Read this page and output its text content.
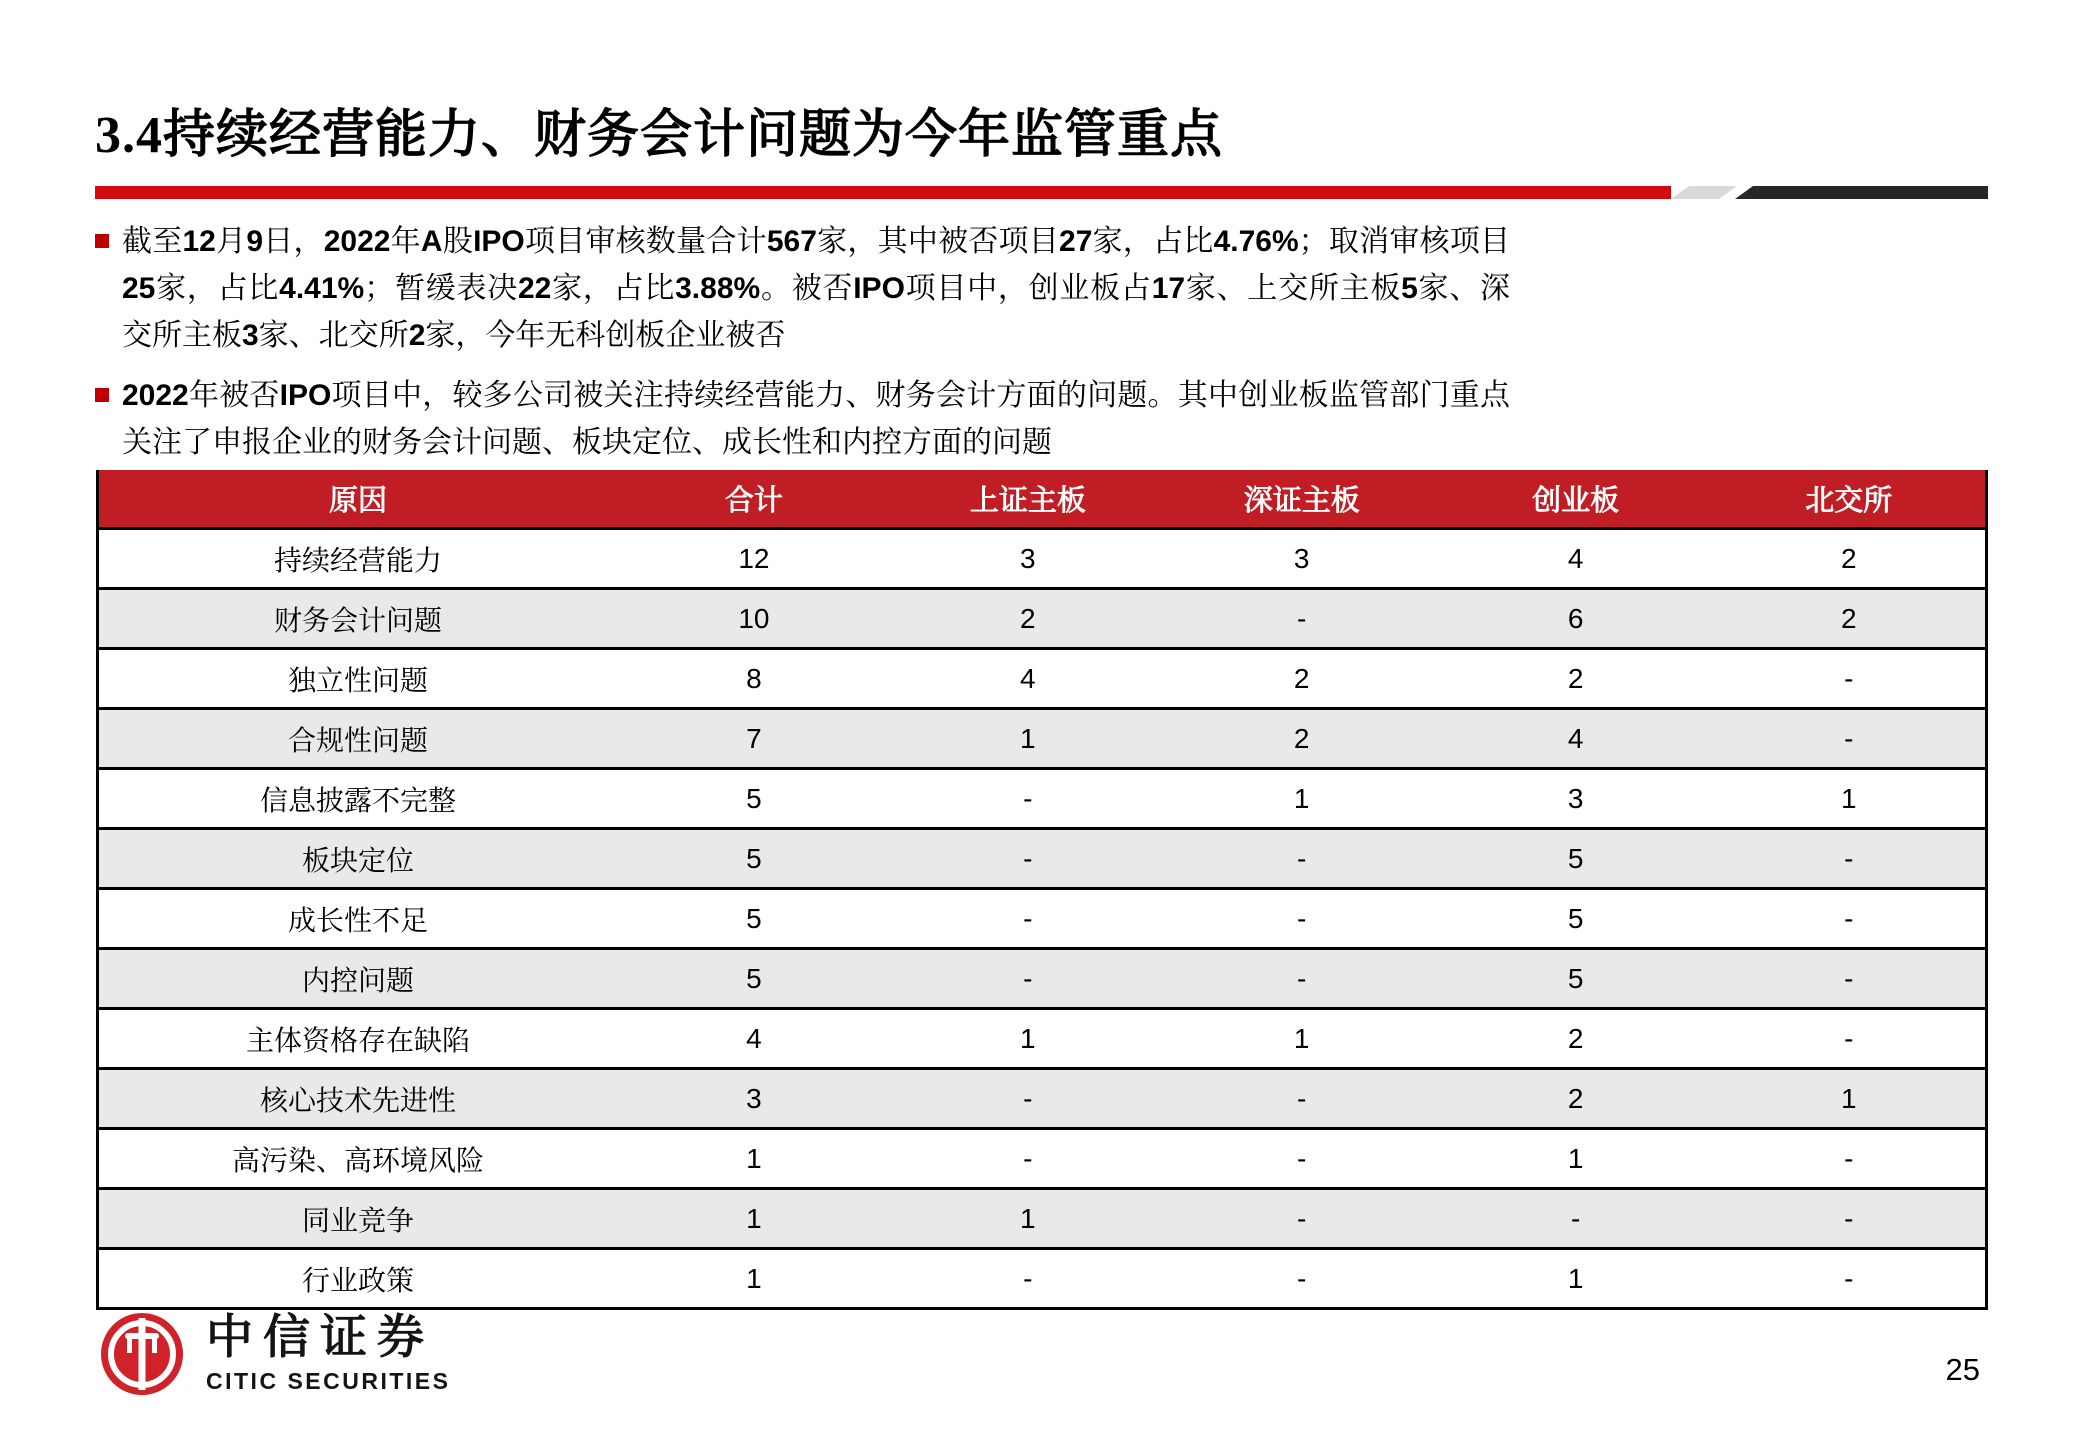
3.4持续经营能力、财务会计问题为今年监管重点

截至12月9日，2022年A股IPO项目审核数量合计567家，其中被否项目27家，占比4.76%；取消审核项目25家，占比4.41%；暂缓表决22家，占比3.88%。被否IPO项目中，创业板占17家、上交所主板5家、深交所主板3家、北交所2家，今年无科创板企业被否

2022年被否IPO项目中，较多公司被关注持续经营能力、财务会计方面的问题。其中创业板监管部门重点关注了申报企业的财务会计问题、板块定位、成长性和内控方面的问题

原因	合计	上证主板	深证主板	创业板	北交所
持续经营能力	12	3	3	4	2
财务会计问题	10	2	-	6	2
独立性问题	8	4	2	2	-
合规性问题	7	1	2	4	-
信息披露不完整	5	-	1	3	1
板块定位	5	-	-	5	-
成长性不足	5	-	-	5	-
内控问题	5	-	-	5	-
主体资格存在缺陷	4	1	1	2	-
核心技术先进性	3	-	-	2	1
高污染、高环境风险	1	-	-	1	-
同业竞争	1	1	-	-	-
行业政策	1	-	-	1	-
中信证券
CITIC SECURITIES	25
